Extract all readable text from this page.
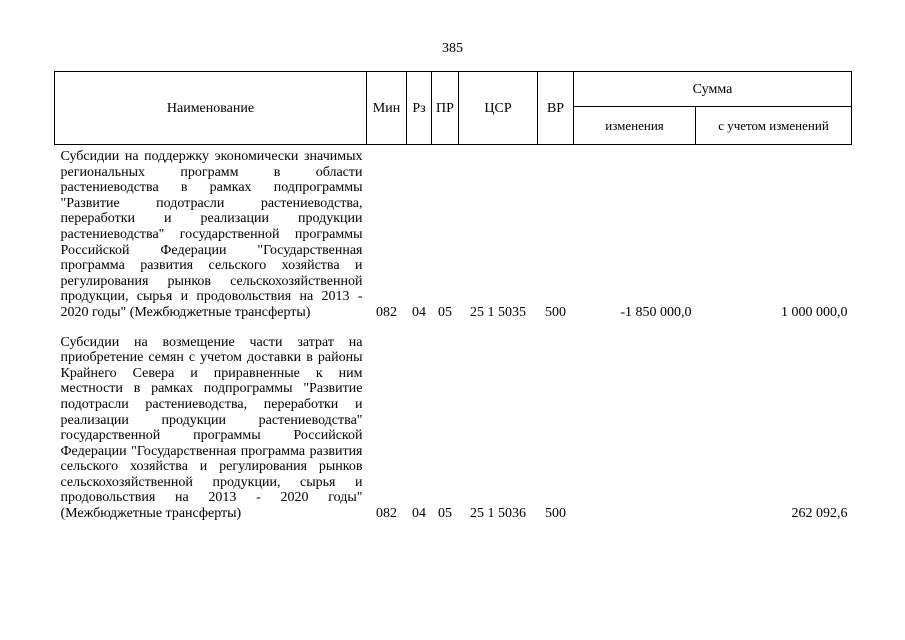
385
Наименование	Мин	Рз	ПР	ЦСР	ВР	Сумма	
						изменения	с учетом изменений

Субсидии на поддержку экономически значимых региональных программ в области растениеводства в рамках подпрограммы "Развитие подотрасли растениеводства, переработки и реализации продукции растениеводства" государственной программы Российской Федерации "Государственная программа развития сельского хозяйства и регулирования рынков сельскохозяйственной продукции, сырья и продовольствия на 2013 - 2020 годы" (Межбюджетные трансферты)	082	04	05	25 1 5035	500	-1 850 000,0	1 000 000,0

Субсидии на возмещение части затрат на приобретение семян с учетом доставки в районы Крайнего Севера и приравненные к ним местности в рамках подпрограммы "Развитие подотрасли растениеводства, переработки и реализации продукции растениеводства" государственной программы Российской Федерации "Государственная программа развития сельского хозяйства и регулирования рынков сельскохозяйственной продукции, сырья и продовольствия на 2013 - 2020 годы" (Межбюджетные трансферты)	082	04	05	25 1 5036	500		262 092,6
